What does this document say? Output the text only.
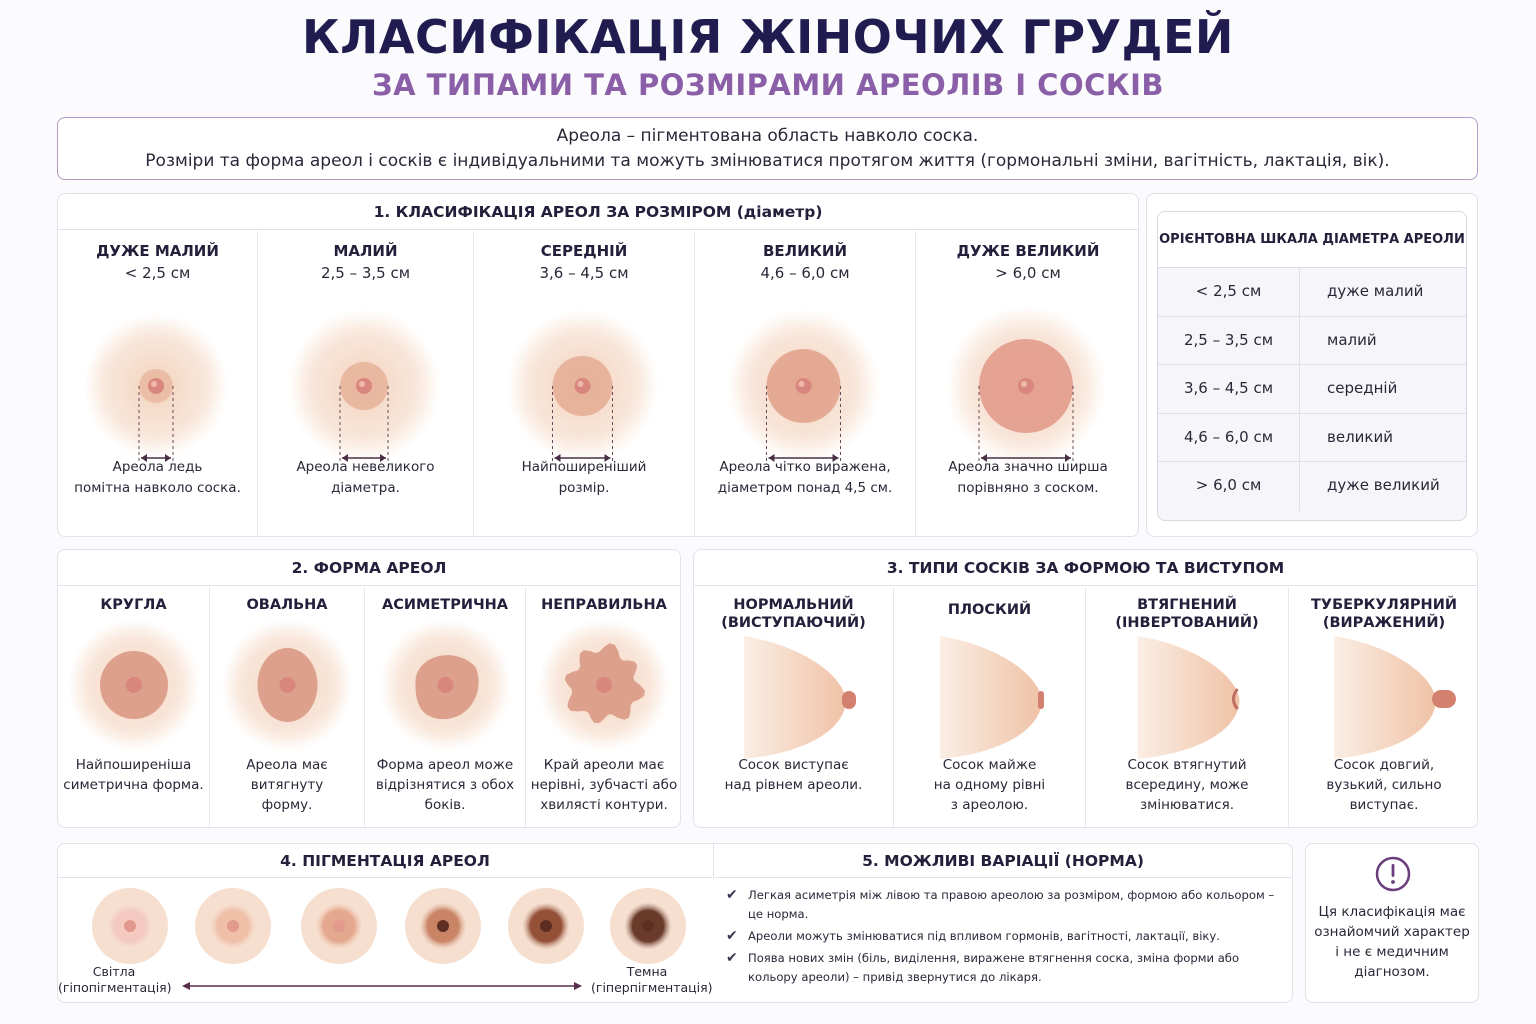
КЛАСИФІКАЦІЯ ЖІНОЧИХ ГРУДЕЙ
ЗА ТИПАМИ ТА РОЗМІРАМИ АРЕОЛІВ І СОСКІВ
Ареола – пігментована область навколо соска.
Розміри та форма ареол і сосків є індивідуальними та можуть змінюватися протягом життя (гормональні зміни, вагітність, лактація, вік).
1. КЛАСИФІКАЦІЯ АРЕОЛ ЗА РОЗМІРОМ (діаметр)
ДУЖЕ МАЛИЙ
< 2,5 см
Ареола ледь
помітна навколо соска.
МАЛИЙ
2,5 – 3,5 см
Ареола невеликого
діаметра.
СЕРЕДНІЙ
3,6 – 4,5 см
Найпоширеніший
розмір.
ВЕЛИКИЙ
4,6 – 6,0 см
Ареола чітко виражена,
діаметром понад 4,5 см.
ДУЖЕ ВЕЛИКИЙ
> 6,0 см
Ареола значно ширша
порівняно з соском.
ОРІЄНТОВНА ШКАЛА ДІАМЕТРА АРЕОЛИ
< 2,5 см	дуже малий
2,5 – 3,5 см	малий
3,6 – 4,5 см	середній
4,6 – 6,0 см	великий
> 6,0 см	дуже великий
2. ФОРМА АРЕОЛ
КРУГЛА
Найпоширеніша
симетрична форма.
ОВАЛЬНА
Ареола має витягнуту
форму.
АСИМЕТРИЧНА
Форма ареол може
відрізнятися з обох
боків.
НЕПРАВИЛЬНА
Край ареоли має
нерівні, зубчасті або
хвилясті контури.
3. ТИПИ СОСКІВ ЗА ФОРМОЮ ТА ВИСТУПОМ
НОРМАЛЬНИЙ
(ВИСТУПАЮЧИЙ)
Сосок виступає
над рівнем ареоли.
ПЛОСКИЙ
Сосок майже
на одному рівні
з ареолою.
ВТЯГНЕНИЙ
(ІНВЕРТОВАНИЙ)
Сосок втягнутий
всередину, може
змінюватися.
ТУБЕРКУЛЯРНИЙ
(ВИРАЖЕНИЙ)
Сосок довгий,
вузький, сильно
виступає.
4. ПІГМЕНТАЦІЯ АРЕОЛ	5. МОЖЛИВІ ВАРІАЦІЇ (НОРМА)
Світла
(гіпопігментація)
Темна
(гіперпігментація)
✔ Легкая асиметрія між лівою та правою ареолою за розміром, формою або кольором – це норма.
✔ Ареоли можуть змінюватися під впливом гормонів, вагітності, лактації, віку.
✔ Поява нових змін (біль, виділення, виражене втягнення соска, зміна форми або кольору ареоли) – привід звернутися до лікаря.
Ця класифікація має ознайомчий характер і не є медичним діагнозом.
